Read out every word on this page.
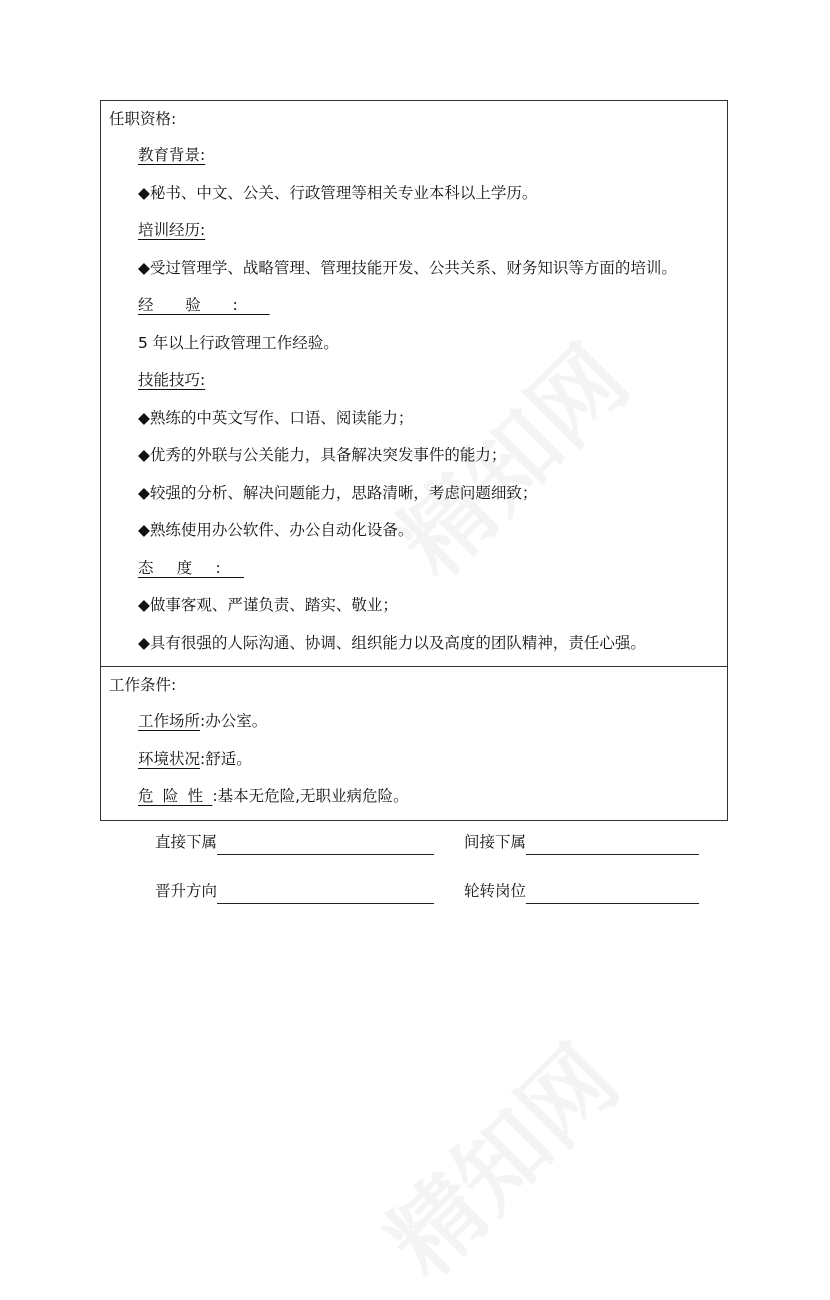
任职资格:
教育背景:
◆秘书、中文、公关、行政管理等相关专业本科以上学历。
培训经历:
◆受过管理学、战略管理、管理技能开发、公共关系、财务知识等方面的培训。
经验:
5 年以上行政管理工作经验。
技能技巧:
◆熟练的中英文写作、口语、阅读能力；
◆优秀的外联与公关能力，具备解决突发事件的能力；
◆较强的分析、解决问题能力，思路清晰，考虑问题细致；
◆熟练使用办公软件、办公自动化设备。
态度:
◆做事客观、严谨负责、踏实、敬业；
◆具有很强的人际沟通、协调、组织能力以及高度的团队精神，责任心强。
工作条件:
工作场所:办公室。
环境状况:舒适。
危险性:基本无危险,无职业病危险。
直接下属	间接下属
晋升方向	轮转岗位
